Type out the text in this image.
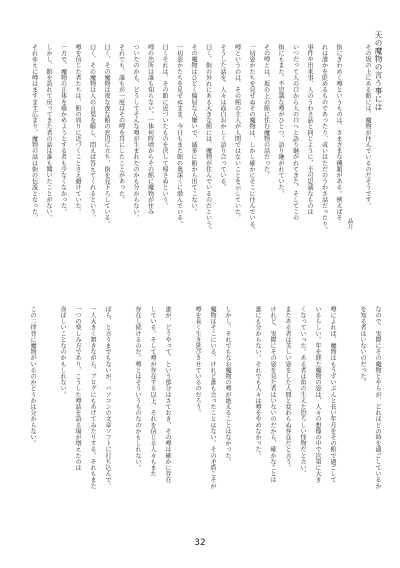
天の魔物の言う事には
晶月
その坂の上にある館には、魔物が住んでいるのだそうです。
街にぎわめく噂というものは、さまざまな種類がある。例えばそ
れは誰かを貶めるものであったり、或いはただのうわさ話だったり。
事件や出来事、人のうわさ話と同じように、不可思議なものは
いつだって人の口から人の口へと語り継がれてきた。そしてこの
街にもまた、不思議な噂がひとつ、語り継がれていた。
その噂とは、坂の上の館に住む魔物の話だった。
一切姿かたちを見せぬその魔物は、しかし確かにそこに住んでいる。
噂というのは、その館の主人が人間ではないことを示していた。
そうした話を、人々は面白おかしく語り合っている。
曰く、街の外れにある大きな館には、魔物が住んでいるのだという。
その魔物はひどく偏屈な人嫌いで、滅多に館から出てこない。
一切姿かたちを見せぬまま、今日もまた館の奥深くに潜んでいる。
曰くそれは、その館に近づいたものを決して帰さぬという。
噂の出所は誰も知らない。一体何時頃からその館に魔物が住み
ついたのかも、どうしてそんな噂が生まれたのかも分からない。
それでも、誰もが一度はその噂を耳にしたことがあった。
曰く、その魔物は夜な夜な館の窓辺に立ち、街を見下ろしている。
曰く、その魔物は人の言葉を解し、問えば答えてくれるという。
噂を信じた者たちは、館の周りに近づくことさえ避けていた。
一方で、魔物の正体を確かめようとする者も少なくなかった。
しかし、館を訪れて戻ってきた者の話は誰も聞いたことがない。
それゆえに噂はますます広まり、魔物の話は街の伝説となった。
なので、実際にその魔物とやらが、どれほどの時を過ごしているか
を知る者はいないのだった。
噂によれば、魔物はもうずいぶんと長い年月をその館で過ごして
いるらしい。年を経た魔物の姿は、人々の想像の中で次第に大き
くなっていった。ある者は角の生えた恐ろしい怪物だと言い、
またある者は美しい姿をした人間と変わらぬ存在だと言う。
けれど、実際にその姿を見た者はいないのだから、確かなことは
誰にも分からない。それでも人々は噂をやめなかった。
しかし、それでもなお魔物の噂が絶えることはなかった。
魔物はそこにいる、けれど誰も会ったことはない。その矛盾こそが
噂を長く生き延びさせているのだろう。
誰が、どうやって、という部分はさておき、その噂は確かに存在
している。そして噂が存在する以上、それを信じる人々もまた
存在し続けるのだ。噂とはそういうものなのかもしれない。
ばら、と言うまでもないが、パソコンの文章ソフトに打ち込んで、
一人大きく頷きながら、ブログにもあげてみたりする。それもまた
一つの楽しみ方であり、こうした噂話を語る場が増えたのは
喜ばしいことなのかもしれない。
この二律背に魔物がいるのかどうかは分からない。
32
